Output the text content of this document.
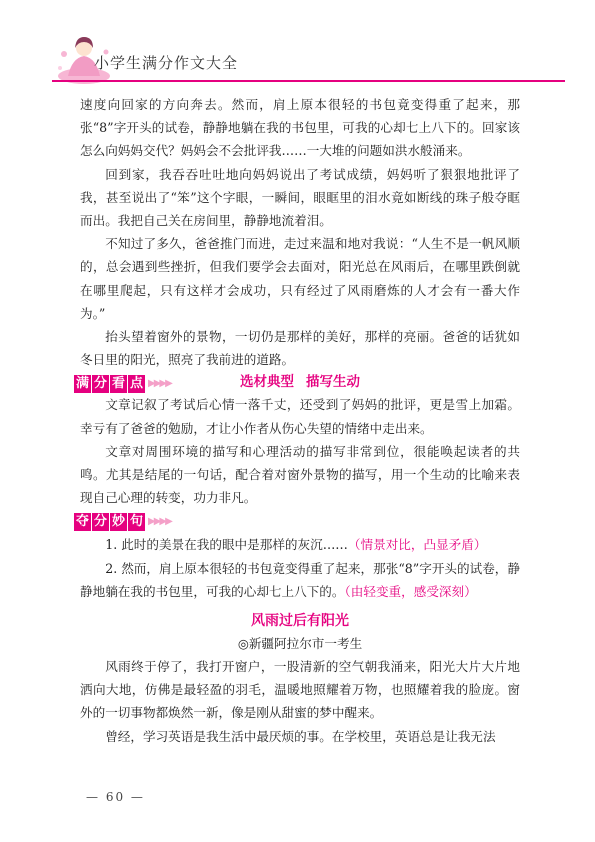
小学生满分作文大全

速度向回家的方向奔去。然而，肩上原本很轻的书包竟变得重了起来，那张“8”字开头的试卷，静静地躺在我的书包里，可我的心却七上八下的。回家该怎么向妈妈交代？妈妈会不会批评我……一大堆的问题如洪水般涌来。

回到家，我吞吞吐吐地向妈妈说出了考试成绩，妈妈听了狠狠地批评了我，甚至说出了“笨”这个字眼，一瞬间，眼眶里的泪水竟如断线的珠子般夺眶而出。我把自己关在房间里，静静地流着泪。

不知过了多久，爸爸推门而进，走过来温和地对我说：“人生不是一帆风顺的，总会遇到些挫折，但我们要学会去面对，阳光总在风雨后，在哪里跌倒就在哪里爬起，只有这样才会成功，只有经过了风雨磨炼的人才会有一番大作为。”

抬头望着窗外的景物，一切仍是那样的美好，那样的亮丽。爸爸的话犹如冬日里的阳光，照亮了我前进的道路。

满 分 看 点 ▶▶▶▶	选材典型 描写生动

文章记叙了考试后心情一落千丈，还受到了妈妈的批评，更是雪上加霜。幸亏有了爸爸的勉励，才让小作者从伤心失望的情绪中走出来。

文章对周围环境的描写和心理活动的描写非常到位，很能唤起读者的共鸣。尤其是结尾的一句话，配合着对窗外景物的描写，用一个生动的比喻来表现自己心理的转变，功力非凡。

夺 分 妙 句 ▶▶▶▶

1. 此时的美景在我的眼中是那样的灰沉……（情景对比，凸显矛盾）

2. 然而，肩上原本很轻的书包竟变得重了起来，那张“8”字开头的试卷，静静地躺在我的书包里，可我的心却七上八下的。（由轻变重，感受深刻）

风雨过后有阳光
◎新疆阿拉尔市一考生

风雨终于停了，我打开窗户，一股清新的空气朝我涌来，阳光大片大片地洒向大地，仿佛是最轻盈的羽毛，温暖地照耀着万物，也照耀着我的脸庞。窗外的一切事物都焕然一新，像是刚从甜蜜的梦中醒来。

曾经，学习英语是我生活中最厌烦的事。在学校里，英语总是让我无法

— 60 —
